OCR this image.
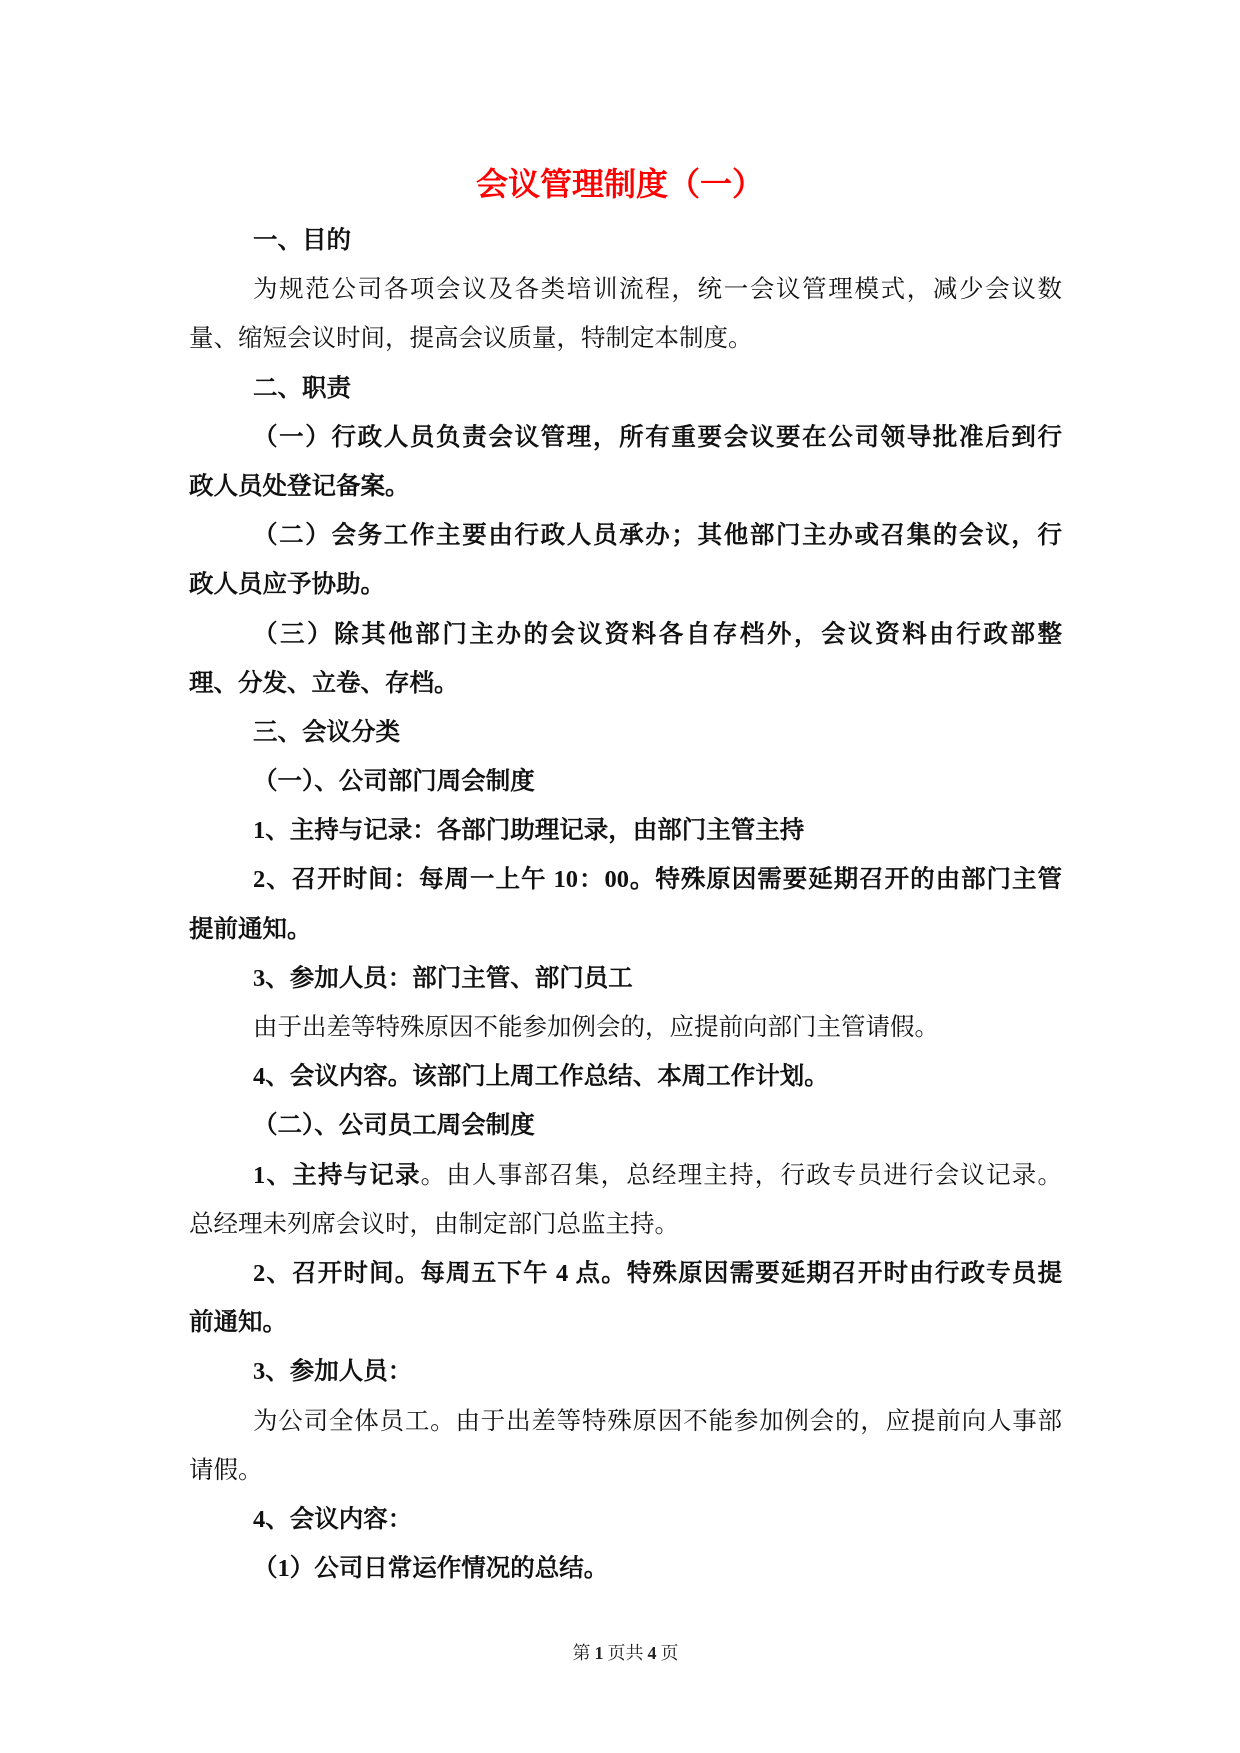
会议管理制度（一）
一、目的
为规范公司各项会议及各类培训流程，统一会议管理模式，减少会议数
量、缩短会议时间，提高会议质量，特制定本制度。
二、职责
（一）行政人员负责会议管理，所有重要会议要在公司领导批准后到行
政人员处登记备案。
（二）会务工作主要由行政人员承办；其他部门主办或召集的会议，行
政人员应予协助。
（三）除其他部门主办的会议资料各自存档外，会议资料由行政部整
理、分发、立卷、存档。
三、会议分类
（一）、公司部门周会制度
1、主持与记录：各部门助理记录，由部门主管主持
2、召开时间：每周一上午 10：00。特殊原因需要延期召开的由部门主管
提前通知。
3、参加人员：部门主管、部门员工
由于出差等特殊原因不能参加例会的，应提前向部门主管请假。
4、会议内容。该部门上周工作总结、本周工作计划。
（二）、公司员工周会制度
1、主持与记录。由人事部召集，总经理主持，行政专员进行会议记录。
总经理未列席会议时，由制定部门总监主持。
2、召开时间。每周五下午 4 点。特殊原因需要延期召开时由行政专员提
前通知。
3、参加人员：
为公司全体员工。由于出差等特殊原因不能参加例会的，应提前向人事部
请假。
4、会议内容：
（1）公司日常运作情况的总结。
第 1 页共 4 页
